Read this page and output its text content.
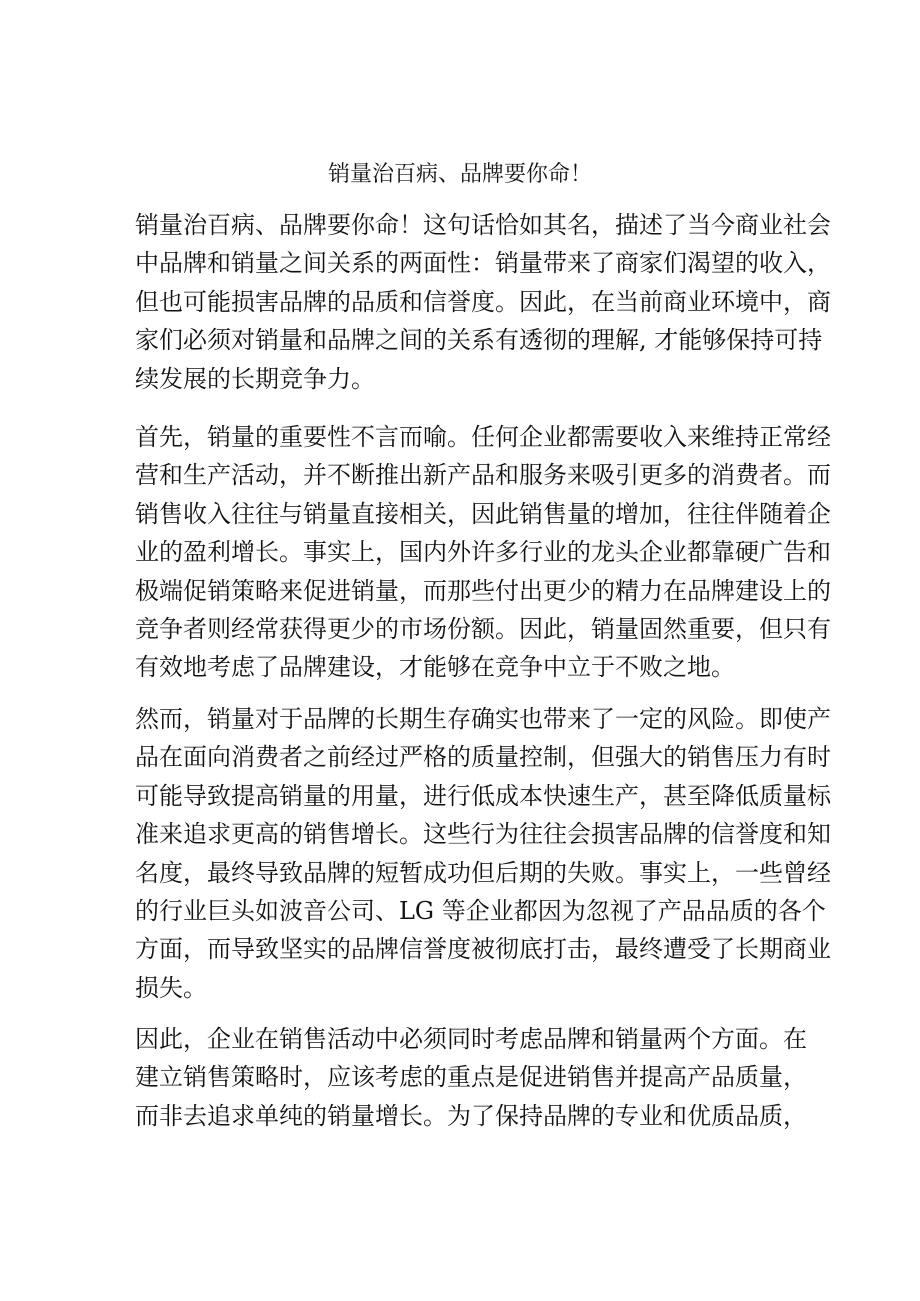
销量治百病、品牌要你命！
销量治百病、品牌要你命！这句话恰如其名，描述了当今商业社会
中品牌和销量之间关系的两面性：销量带来了商家们渴望的收入，
但也可能损害品牌的品质和信誉度。因此，在当前商业环境中，商
家们必须对销量和品牌之间的关系有透彻的理解, 才能够保持可持
续发展的长期竞争力。
首先，销量的重要性不言而喻。任何企业都需要收入来维持正常经
营和生产活动，并不断推出新产品和服务来吸引更多的消费者。而
销售收入往往与销量直接相关，因此销售量的增加，往往伴随着企
业的盈利增长。事实上，国内外许多行业的龙头企业都靠硬广告和
极端促销策略来促进销量，而那些付出更少的精力在品牌建设上的
竞争者则经常获得更少的市场份额。因此，销量固然重要，但只有
有效地考虑了品牌建设，才能够在竞争中立于不败之地。
然而，销量对于品牌的长期生存确实也带来了一定的风险。即使产
品在面向消费者之前经过严格的质量控制，但强大的销售压力有时
可能导致提高销量的用量，进行低成本快速生产，甚至降低质量标
准来追求更高的销售增长。这些行为往往会损害品牌的信誉度和知
名度，最终导致品牌的短暂成功但后期的失败。事实上，一些曾经
的行业巨头如波音公司、LG 等企业都因为忽视了产品品质的各个
方面，而导致坚实的品牌信誉度被彻底打击，最终遭受了长期商业
损失。
因此，企业在销售活动中必须同时考虑品牌和销量两个方面。在
建立销售策略时，应该考虑的重点是促进销售并提高产品质量，
而非去追求单纯的销量增长。为了保持品牌的专业和优质品质，
